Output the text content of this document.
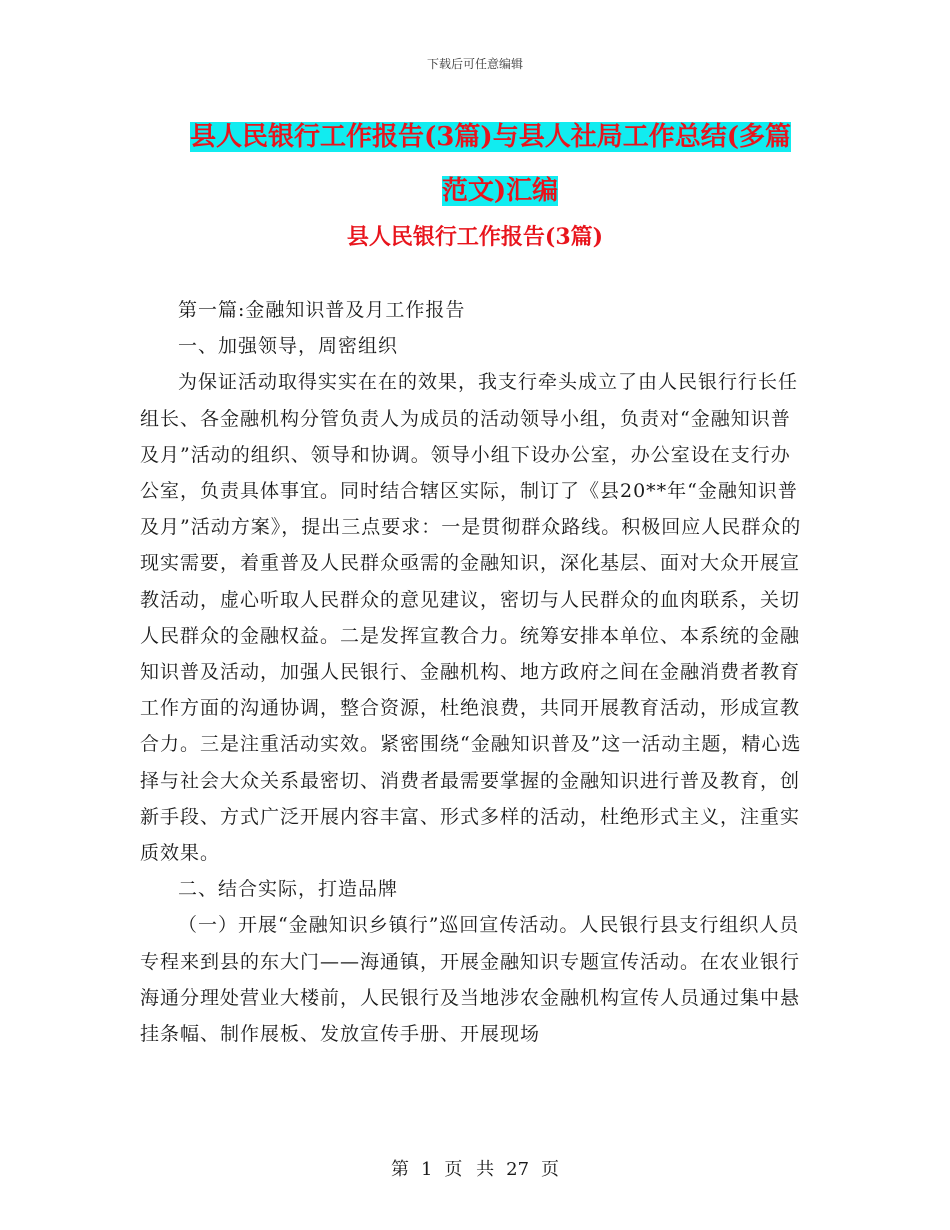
下载后可任意编辑
县人民银行工作报告(3篇)与县人社局工作总结(多篇
范文)汇编
县人民银行工作报告(3篇)

第一篇:金融知识普及月工作报告

一、加强领导，周密组织

为保证活动取得实实在在的效果，我支行牵头成立了由人民银行行长任组长、各金融机构分管负责人为成员的活动领导小组，负责对“金融知识普及月”活动的组织、领导和协调。领导小组下设办公室，办公室设在支行办公室，负责具体事宜。同时结合辖区实际，制订了《县20**年“金融知识普及月”活动方案》，提出三点要求：一是贯彻群众路线。积极回应人民群众的现实需要，着重普及人民群众亟需的金融知识，深化基层、面对大众开展宣教活动，虚心听取人民群众的意见建议，密切与人民群众的血肉联系，关切人民群众的金融权益。二是发挥宣教合力。统筹安排本单位、本系统的金融知识普及活动，加强人民银行、金融机构、地方政府之间在金融消费者教育工作方面的沟通协调，整合资源，杜绝浪费，共同开展教育活动，形成宣教合力。三是注重活动实效。紧密围绕“金融知识普及”这一活动主题，精心选择与社会大众关系最密切、消费者最需要掌握的金融知识进行普及教育，创新手段、方式广泛开展内容丰富、形式多样的活动，杜绝形式主义，注重实质效果。

二、结合实际，打造品牌

（一）开展“金融知识乡镇行”巡回宣传活动。人民银行县支行组织人员专程来到县的东大门——海通镇，开展金融知识专题宣传活动。在农业银行海通分理处营业大楼前，人民银行及当地涉农金融机构宣传人员通过集中悬挂条幅、制作展板、发放宣传手册、开展现场

第 1 页 共 27 页
